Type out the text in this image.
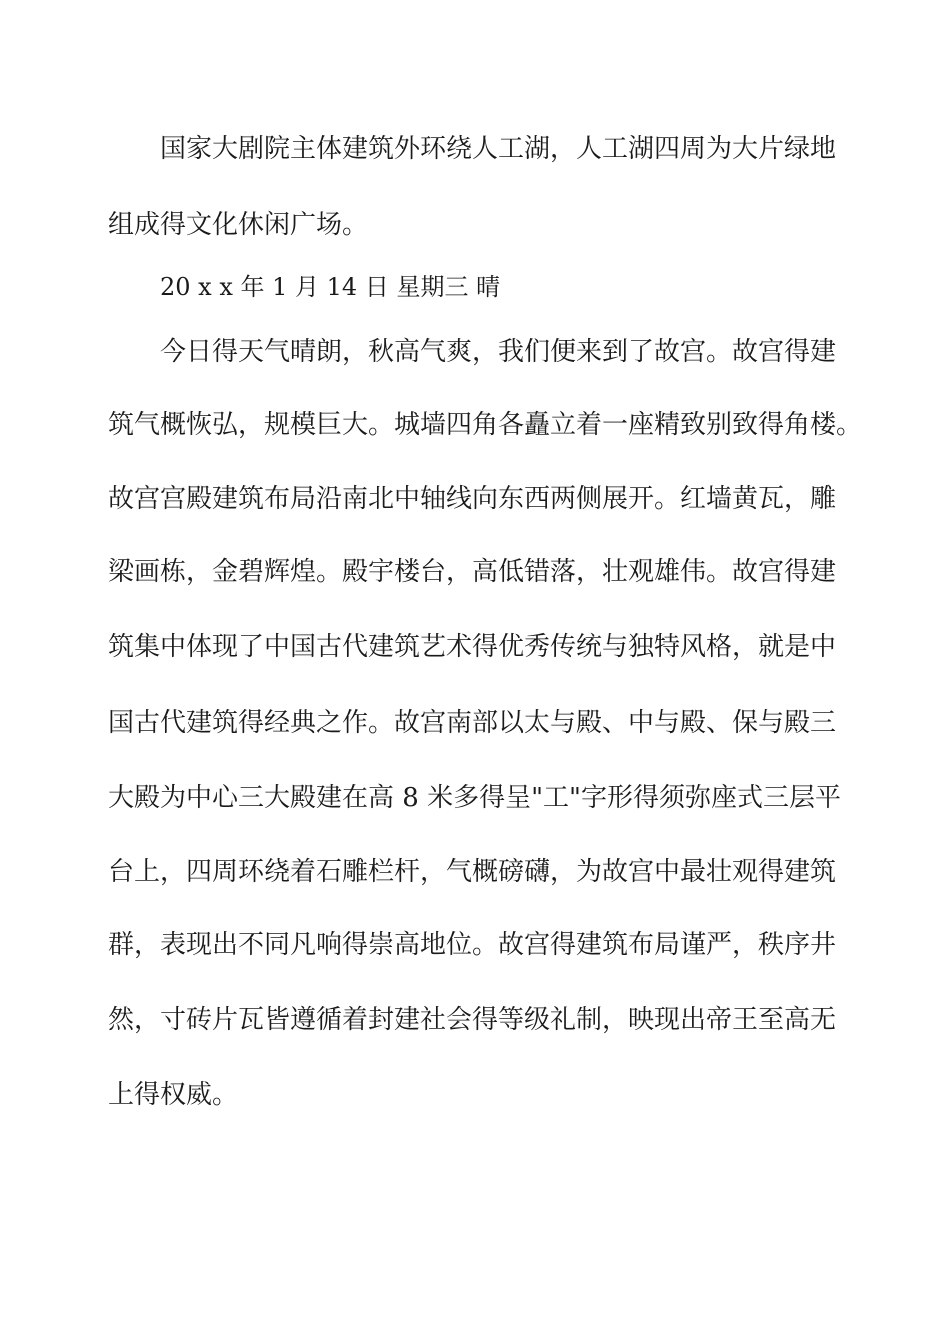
国家大剧院主体建筑外环绕人工湖，人工湖四周为大片绿地
组成得文化休闲广场。
20 x x 年 1 月 14 日 星期三 晴
今日得天气晴朗，秋高气爽，我们便来到了故宫。故宫得建
筑气概恢弘，规模巨大。城墙四角各矗立着一座精致别致得角楼。
故宫宫殿建筑布局沿南北中轴线向东西两侧展开。红墙黄瓦，雕
梁画栋，金碧辉煌。殿宇楼台，高低错落，壮观雄伟。故宫得建
筑集中体现了中国古代建筑艺术得优秀传统与独特风格，就是中
国古代建筑得经典之作。故宫南部以太与殿、中与殿、保与殿三
大殿为中心三大殿建在高 8 米多得呈"工"字形得须弥座式三层平
台上，四周环绕着石雕栏杆，气概磅礴，为故宫中最壮观得建筑
群，表现出不同凡响得崇高地位。故宫得建筑布局谨严，秩序井
然，寸砖片瓦皆遵循着封建社会得等级礼制，映现出帝王至高无
上得权威。
